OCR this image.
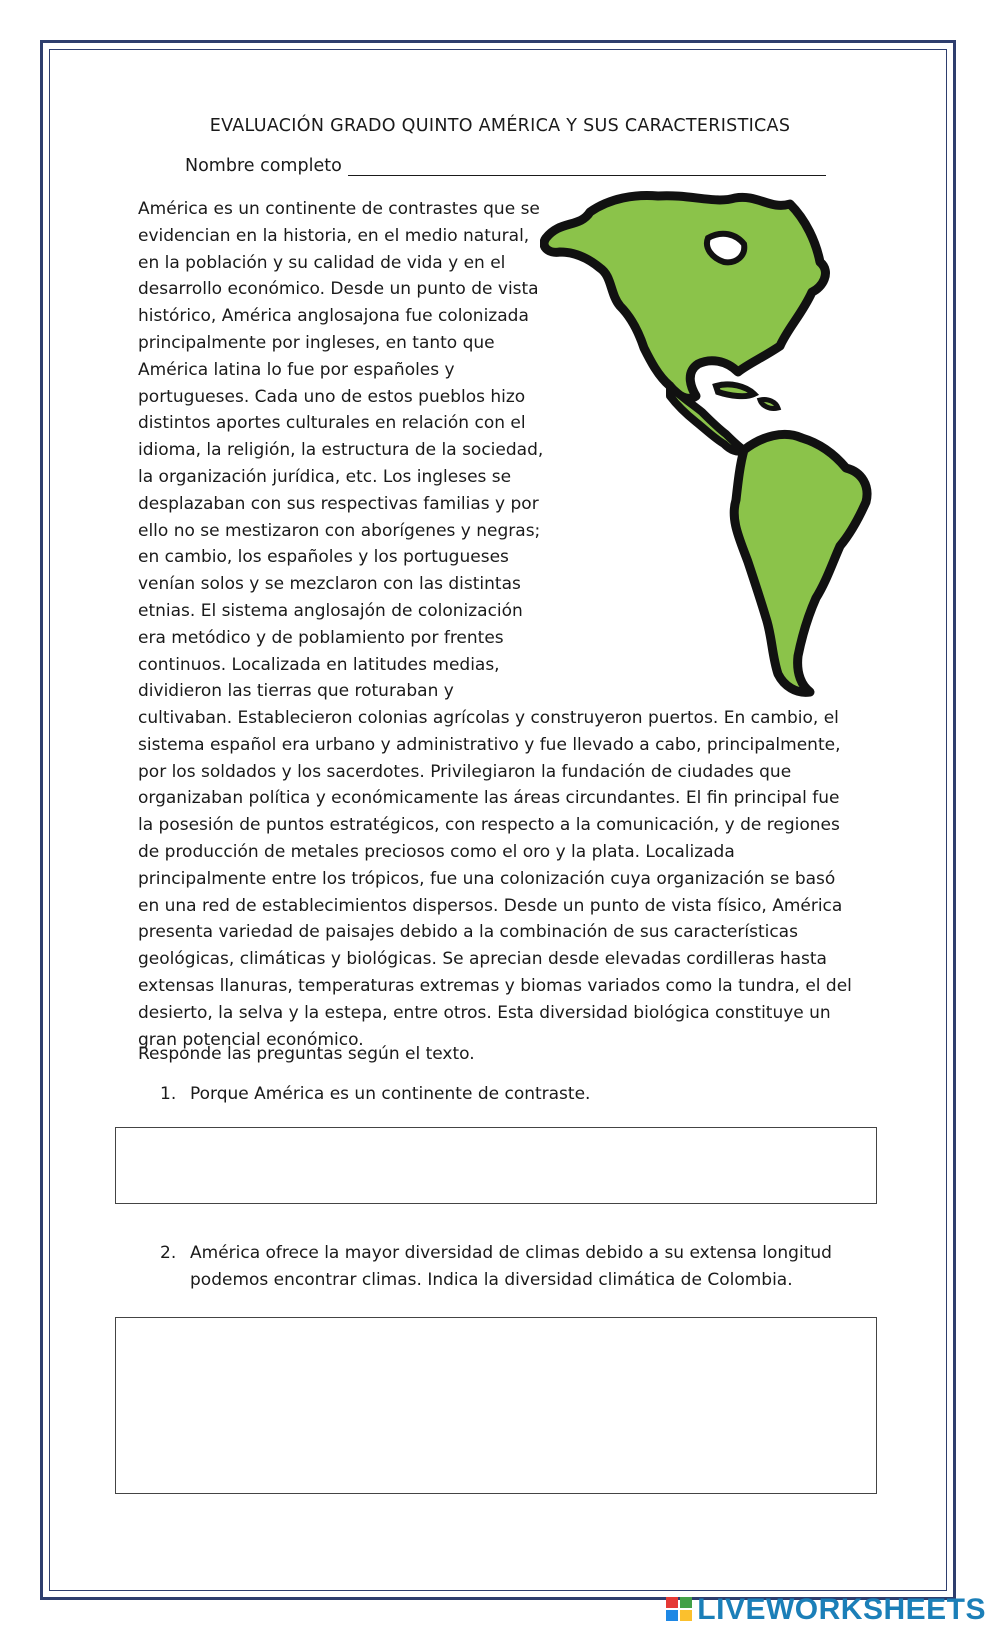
EVALUACIÓN GRADO QUINTO AMÉRICA Y SUS CARACTERISTICAS
Nombre completo
América es un continente de contrastes que se evidencian en la historia, en el medio natural, en la población y su calidad de vida y en el desarrollo económico. Desde un punto de vista histórico, América anglosajona fue colonizada principalmente por ingleses, en tanto que América latina lo fue por españoles y portugueses. Cada uno de estos pueblos hizo distintos aportes culturales en relación con el idioma, la religión, la estructura de la sociedad, la organización jurídica, etc. Los ingleses se desplazaban con sus respectivas familias y por ello no se mestizaron con aborígenes y negras; en cambio, los españoles y los portugueses venían solos y se mezclaron con las distintas etnias. El sistema anglosajón de colonización era metódico y de poblamiento por frentes continuos. Localizada en latitudes medias, dividieron las tierras que roturaban y
cultivaban. Establecieron colonias agrícolas y construyeron puertos. En cambio, el sistema español era urbano y administrativo y fue llevado a cabo, principalmente, por los soldados y los sacerdotes. Privilegiaron la fundación de ciudades que organizaban política y económicamente las áreas circundantes. El fin principal fue la posesión de puntos estratégicos, con respecto a la comunicación, y de regiones de producción de metales preciosos como el oro y la plata. Localizada principalmente entre los trópicos, fue una colonización cuya organización se basó en una red de establecimientos dispersos. Desde un punto de vista físico, América presenta variedad de paisajes debido a la combinación de sus características geológicas, climáticas y biológicas. Se aprecian desde elevadas cordilleras hasta extensas llanuras, temperaturas extremas y biomas variados como la tundra, el del desierto, la selva y la estepa, entre otros. Esta diversidad biológica constituye un gran potencial económico.
Responde las preguntas según el texto.
1. Porque América es un continente de contraste.
2. América ofrece la mayor diversidad de climas debido a su extensa longitud podemos encontrar climas. Indica la diversidad climática de Colombia.
LIVE WORKSHEETS
